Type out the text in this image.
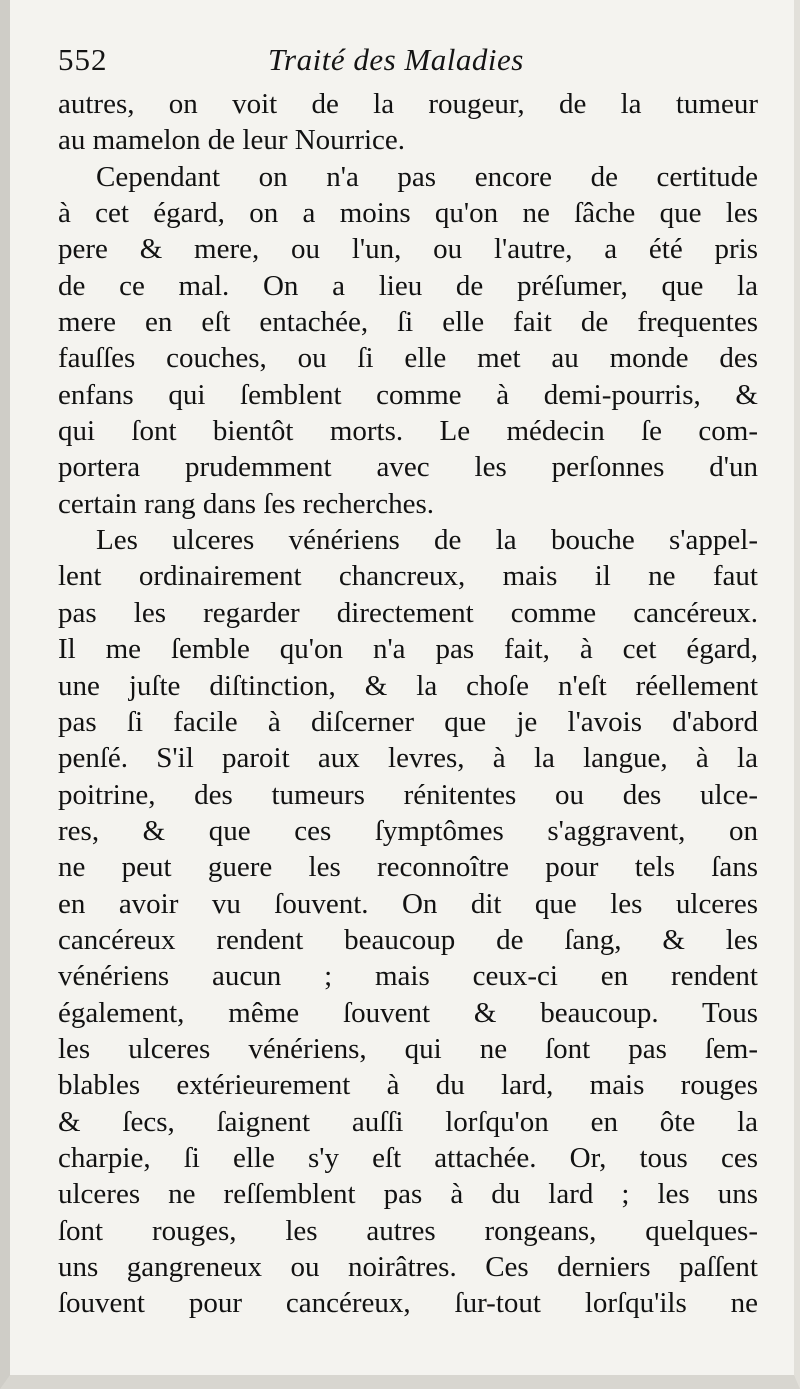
552	Traité des Maladies
autres, on voit de la rougeur, de la tumeur
au mamelon de leur Nourrice.
Cependant on n'a pas encore de certitude
à cet égard, on a moins qu'on ne ſâche que les
pere & mere, ou l'un, ou l'autre, a été pris
de ce mal. On a lieu de préſumer, que la
mere en eſt entachée, ſi elle fait de frequentes
fauſſes couches, ou ſi elle met au monde des
enfans qui ſemblent comme à demi-pourris, &
qui ſont bientôt morts. Le médecin ſe com-
portera prudemment avec les perſonnes d'un
certain rang dans ſes recherches.
Les ulceres vénériens de la bouche s'appel-
lent ordinairement chancreux, mais il ne faut
pas les regarder directement comme cancéreux.
Il me ſemble qu'on n'a pas fait, à cet égard,
une juſte diſtinction, & la choſe n'eſt réellement
pas ſi facile à diſcerner que je l'avois d'abord
penſé. S'il paroit aux levres, à la langue, à la
poitrine, des tumeurs rénitentes ou des ulce-
res, & que ces ſymptômes s'aggravent, on
ne peut guere les reconnoître pour tels ſans
en avoir vu ſouvent. On dit que les ulceres
cancéreux rendent beaucoup de ſang, & les
vénériens aucun ; mais ceux-ci en rendent
également, même ſouvent & beaucoup. Tous
les ulceres vénériens, qui ne ſont pas ſem-
blables extérieurement à du lard, mais rouges
& ſecs, ſaignent auſſi lorſqu'on en ôte la
charpie, ſi elle s'y eſt attachée. Or, tous ces
ulceres ne reſſemblent pas à du lard ; les uns
ſont rouges, les autres rongeans, quelques-
uns gangreneux ou noirâtres. Ces derniers paſſent
ſouvent pour cancéreux, ſur-tout lorſqu'ils ne
